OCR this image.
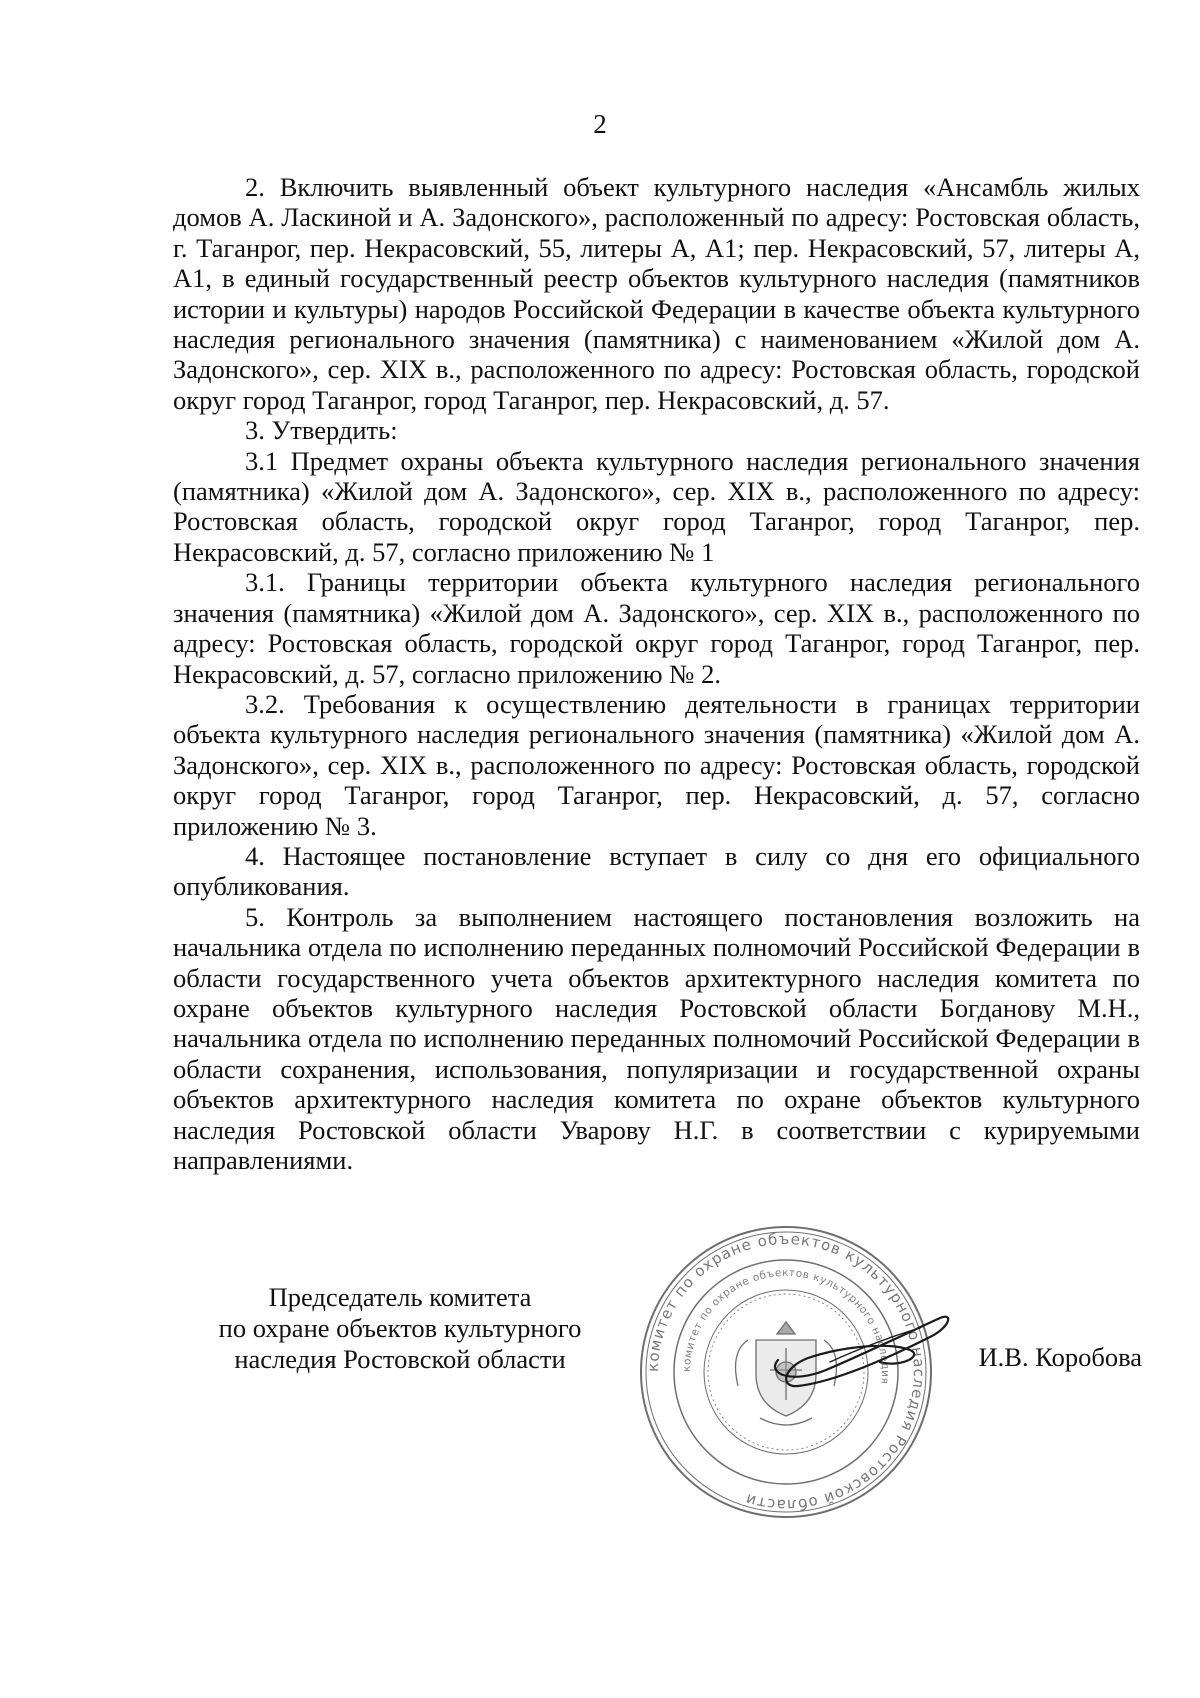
2

2. Включить выявленный объект культурного наследия «Ансамбль жилых домов А. Ласкиной и А. Задонского», расположенный по адресу: Ростовская область, г. Таганрог, пер. Некрасовский, 55, литеры А, А1; пер. Некрасовский, 57, литеры А, А1, в единый государственный реестр объектов культурного наследия (памятников истории и культуры) народов Российской Федерации в качестве объекта культурного наследия регионального значения (памятника) с наименованием «Жилой дом А. Задонского», сер. XIX в., расположенного по адресу: Ростовская область, городской округ город Таганрог, город Таганрог, пер. Некрасовский, д. 57.

3. Утвердить:

3.1 Предмет охраны объекта культурного наследия регионального значения (памятника) «Жилой дом А. Задонского», сер. XIX в., расположенного по адресу: Ростовская область, городской округ город Таганрог, город Таганрог, пер. Некрасовский, д. 57, согласно приложению № 1

3.1. Границы территории объекта культурного наследия регионального значения (памятника) «Жилой дом А. Задонского», сер. XIX в., расположенного по адресу: Ростовская область, городской округ город Таганрог, город Таганрог, пер. Некрасовский, д. 57, согласно приложению № 2.

3.2. Требования к осуществлению деятельности в границах территории объекта культурного наследия регионального значения (памятника) «Жилой дом А. Задонского», сер. XIX в., расположенного по адресу: Ростовская область, городской округ город Таганрог, город Таганрог, пер. Некрасовский, д. 57, согласно приложению № 3.

4. Настоящее постановление вступает в силу со дня его официального опубликования.

5. Контроль за выполнением настоящего постановления возложить на начальника отдела по исполнению переданных полномочий Российской Федерации в области государственного учета объектов архитектурного наследия комитета по охране объектов культурного наследия Ростовской области Богданову М.Н., начальника отдела по исполнению переданных полномочий Российской Федерации в области сохранения, использования, популяризации и государственной охраны объектов архитектурного наследия комитета по охране объектов культурного наследия Ростовской области Уварову Н.Г. в соответствии с курируемыми направлениями.

Председатель комитета
по охране объектов культурного
наследия Ростовской области	комитет по охране объектов культурного наследия Ростовской области
комитет по охране объектов культурного наследия
И.В. Коробова
